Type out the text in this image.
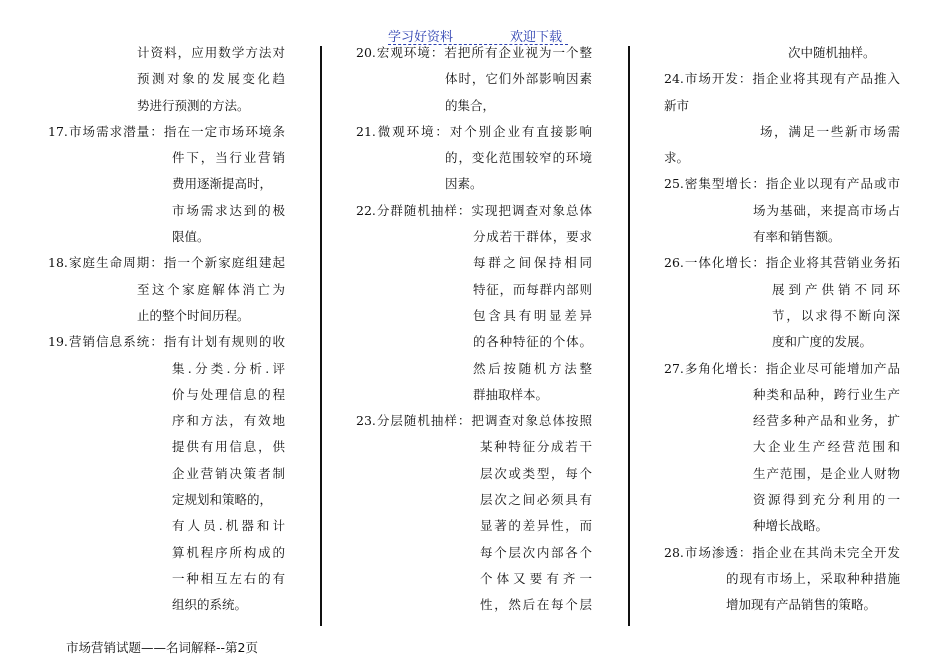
学习好资料	欢迎下载
计资料，应用数学方法对
预测对象的发展变化趋
势进行预测的方法。
17.市场需求潜量：指在一定市场环境条
件下，当行业营销
费用逐渐提高时，
市场需求达到的极
限值。
18.家庭生命周期：指一个新家庭组建起
至这个家庭解体消亡为
止的整个时间历程。
19.营销信息系统：指有计划有规则的收
集.分类.分析.评
价与处理信息的程
序和方法，有效地
提供有用信息，供
企业营销决策者制
定规划和策略的，
有人员.机器和计
算机程序所构成的
一种相互左右的有
组织的系统。
20.宏观环境：若把所有企业视为一个整
体时，它们外部影响因素
的集合，
21.微观环境：对个别企业有直接影响
的，变化范围较窄的环境
因素。
22.分群随机抽样：实现把调查对象总体
分成若干群体，要求
每群之间保持相同
特征，而每群内部则
包含具有明显差异
的各种特征的个体。
然后按随机方法整
群抽取样本。
23.分层随机抽样：把调查对象总体按照
某种特征分成若干
层次或类型，每个
层次之间必须具有
显著的差异性，而
每个层次内部各个
个体又要有齐一
性，然后在每个层
次中随机抽样。
24.市场开发：指企业将其现有产品推入
新市
场，满足一些新市场需
求。
25.密集型增长：指企业以现有产品或市
场为基础，来提高市场占
有率和销售额。
26.一体化增长：指企业将其营销业务拓
展到产供销不同环
节，以求得不断向深
度和广度的发展。
27.多角化增长：指企业尽可能增加产品
种类和品种，跨行业生产
经营多种产品和业务，扩
大企业生产经营范围和
生产范围，是企业人财物
资源得到充分利用的一
种增长战略。
28.市场渗透：指企业在其尚未完全开发
的现有市场上，采取种种措施
增加现有产品销售的策略。
市场营销试题——名词解释--第2页
